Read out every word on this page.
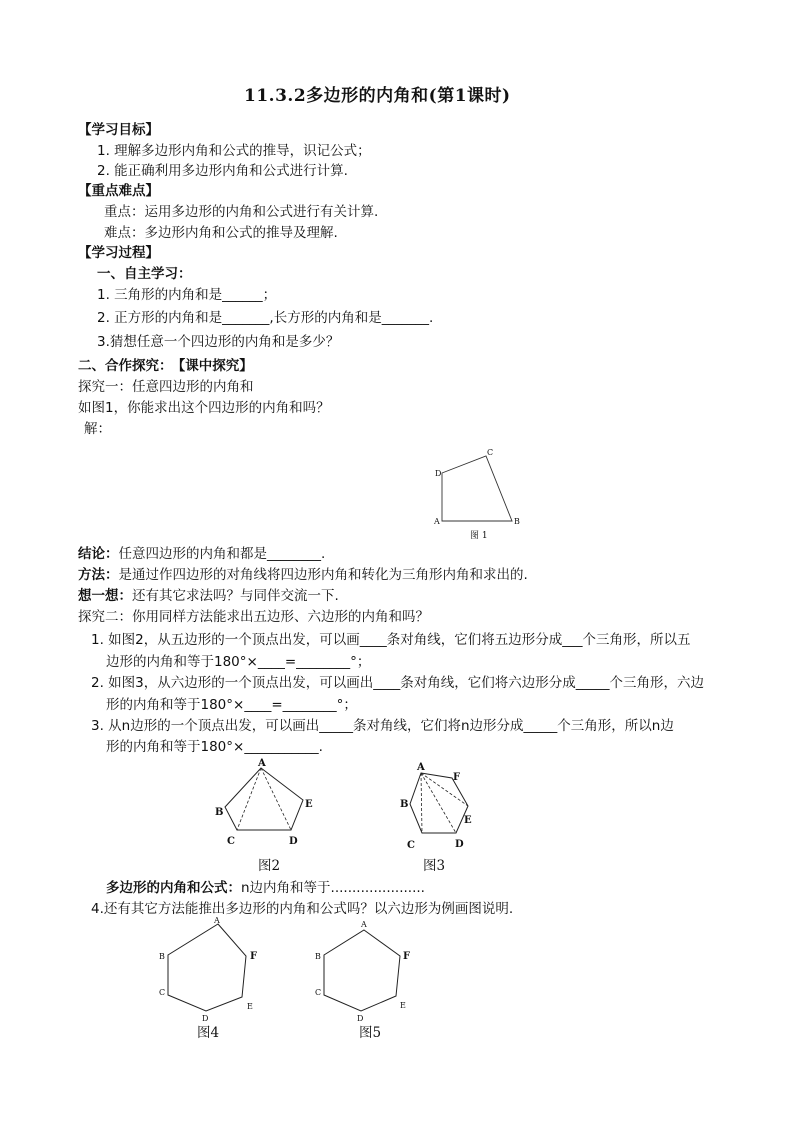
11.3.2多边形的内角和(第1课时)
【学习目标】
1. 理解多边形内角和公式的推导，识记公式；
2. 能正确利用多边形内角和公式进行计算.
【重点难点】
重点：运用多边形的内角和公式进行有关计算.
难点：多边形内角和公式的推导及理解.
【学习过程】
一、自主学习：
1. 三角形的内角和是______；
2. 正方形的内角和是_______,长方形的内角和是_______.
3.猜想任意一个四边形的内角和是多少？
二、合作探究： 【课中探究】
探究一：任意四边形的内角和
如图1，你能求出这个四边形的内角和吗？
解：
A	B
C
D
图 1
结论：任意四边形的内角和都是________.
方法：是通过作四边形的对角线将四边形内角和转化为三角形内角和求出的.
想一想：还有其它求法吗？与同伴交流一下.
探究二：你用同样方法能求出五边形、六边形的内角和吗？
1. 如图2，从五边形的一个顶点出发，可以画____条对角线，它们将五边形分成___个三角形，所以五
边形的内角和等于180°×____=________°；
2. 如图3，从六边形的一个顶点出发，可以画出____条对角线，它们将六边形分成_____个三角形，六边
形的内角和等于180°×____=________°；
3. 从n边形的一个顶点出发，可以画出_____条对角线，它们将n边形分成_____个三角形，所以n边
形的内角和等于180°×___________.
A
B
C	D
E
图2
A
B
C	D
E
F
图3
多边形的内角和公式：n边内角和等于......................
4.还有其它方法能推出多边形的内角和公式吗？以六边形为例画图说明.
A
B
C
D
E
F
图4
A
B
C
D
E
F
图5
